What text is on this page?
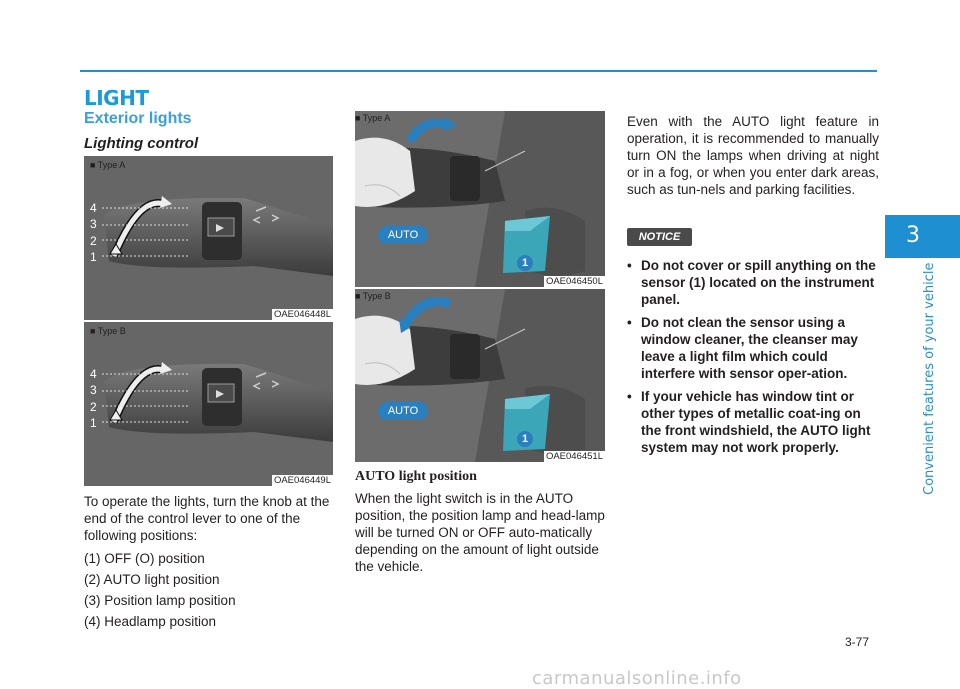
LIGHT
Exterior lights
Lighting control
3
Convenient features of your vehicle
■ Type A
4
3
2
1
OAE046448L
■ Type B
4
3
2
1
OAE046449L
■ Type A
AUTO
1
OAE046450L
■ Type B
AUTO
1
OAE046451L

To operate the lights, turn the knob at the end of the control lever to one of the following positions:

(1) OFF (O) position

(2) AUTO light position

(3) Position lamp position

(4) Headlamp position

AUTO light position
When the light switch is in the AUTO position, the position lamp and head-lamp will be turned ON or OFF auto-matically depending on the amount of light outside the vehicle.
Even with the AUTO light feature in operation, it is recommended to manually turn ON the lamps when driving at night or in a fog, or when you enter dark areas, such as tun-nels and parking facilities.
NOTICE
• Do not cover or spill anything on the sensor (1) located on the instrument panel.
• Do not clean the sensor using a window cleaner, the cleanser may leave a light film which could interfere with sensor oper-ation.
• If your vehicle has window tint or other types of metallic coat-ing on the front windshield, the AUTO light system may not work properly.
3-77
carmanualsonline.info
